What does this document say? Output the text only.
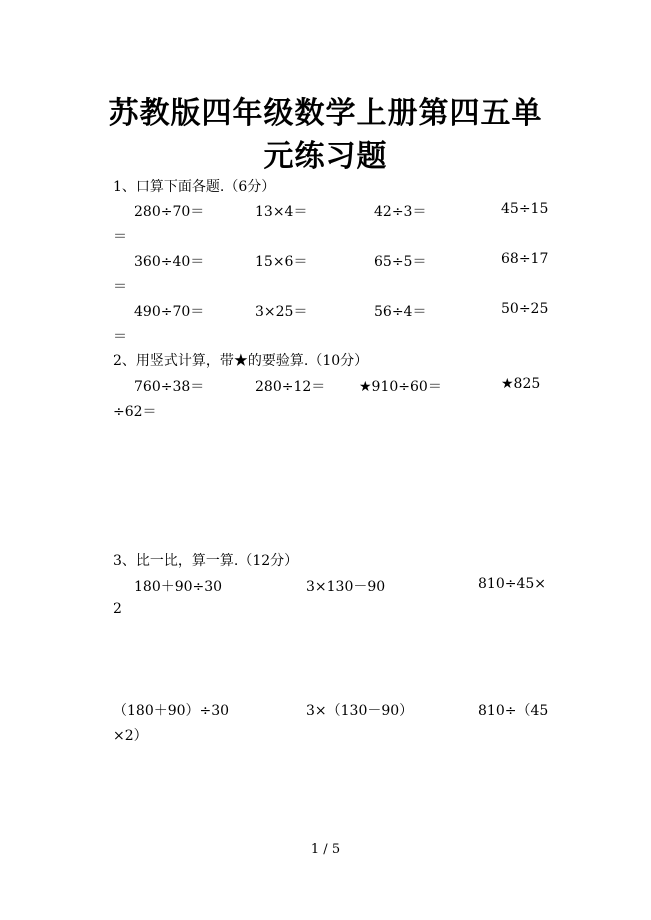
苏教版四年级数学上册第四五单
元练习题
1、口算下面各题.（6分）
280÷70＝	13×4＝	42÷3＝	45÷15
＝
360÷40＝	15×6＝	65÷5＝	68÷17
＝
490÷70＝	3×25＝	56÷4＝	50÷25
＝
2、用竖式计算，带★的要验算.（10分）
760÷38＝	280÷12＝ ★910÷60＝	★825
÷62＝
3、比一比，算一算.（12分）
180＋90÷30	3×130－90	810÷45×
2
（180＋90）÷30	3×（130－90）	810÷（45
×2）
1 / 5
